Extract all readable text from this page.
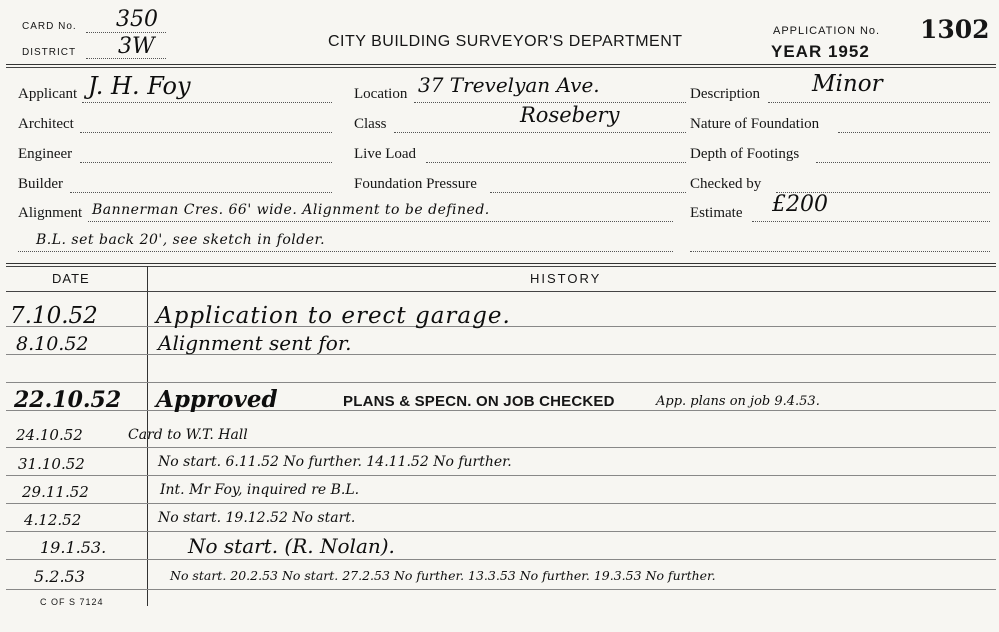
CARD No. 350
DISTRICT 3W	CITY BUILDING SURVEYOR'S DEPARTMENT
APPLICATION No. 1302
YEAR 1952
Applicant J. H. Foy
Architect
Engineer
Builder
Alignment Bannerman Cres. 66' wide. Alignment to be defined.
B.L. set back 20', see sketch in folder.
Location 37 Trevelyan Ave.
Class	Rosebery
Live Load
Foundation Pressure
Description Minor
Nature of Foundation
Depth of Footings
Checked by
Estimate £200
DATE	HISTORY
7.10.52	Application to erect garage.
8.10.52	Alignment sent for.
22.10.52 Approved	PLANS & SPECN. ON JOB CHECKED	App. plans on job 9.4.53.
24.10.52	Card to W.T. Hall
31.10.52	No start. 6.11.52 No further. 14.11.52 No further.
29.11.52	Int. Mr Foy, inquired re B.L.
4.12.52	No start. 19.12.52 No start.
19.1.53.	No start. (R. Nolan).
5.2.53	No start. 20.2.53 No start. 27.2.53 No further. 13.3.53 No further. 19.3.53 No further.
C OF S 7124
